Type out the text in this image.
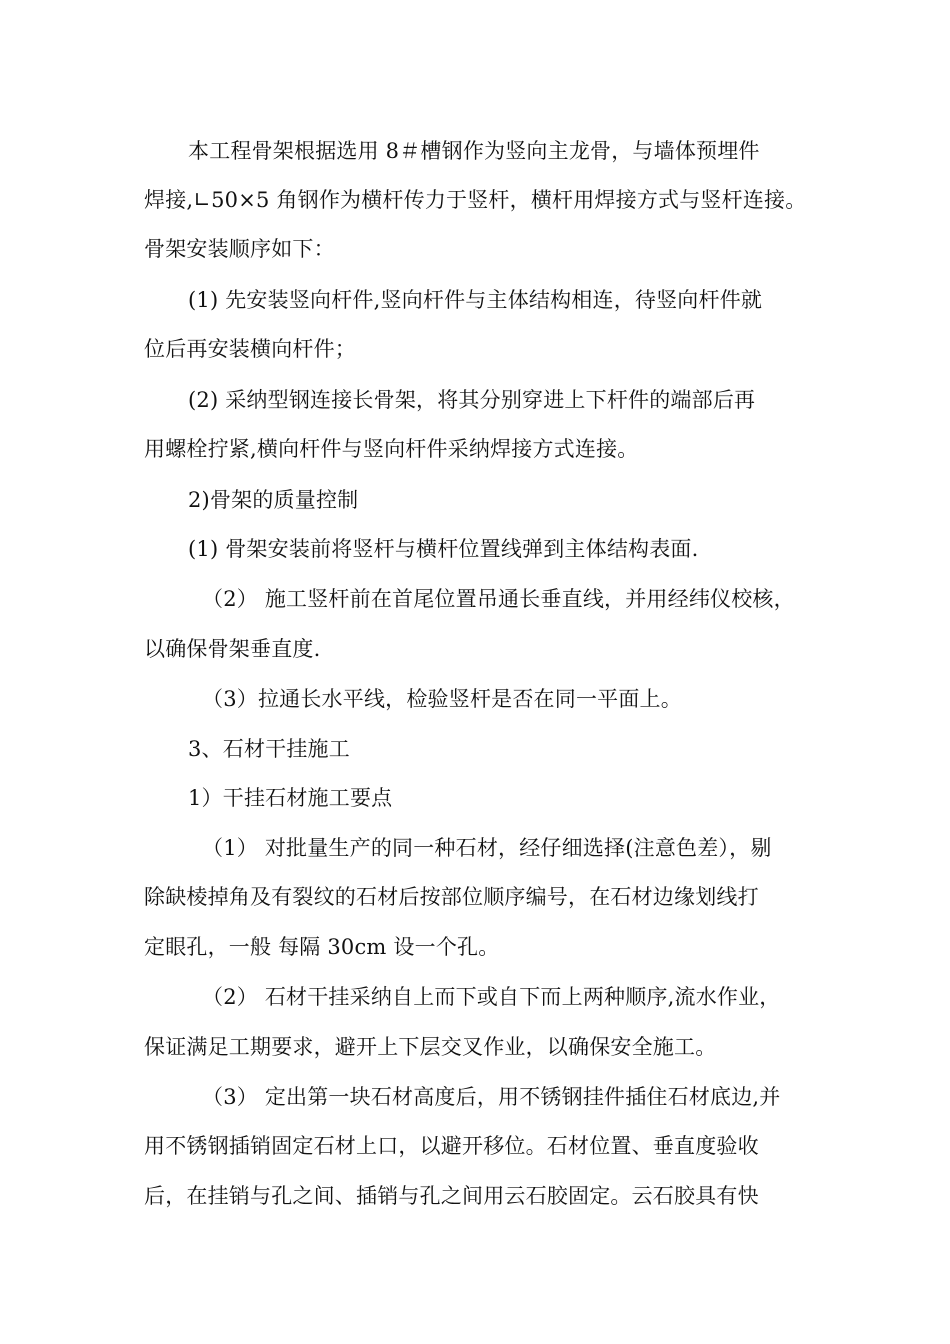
本工程骨架根据选用 8＃槽钢作为竖向主龙骨，与墙体预埋件
焊接,∟50×5 角钢作为横杆传力于竖杆，横杆用焊接方式与竖杆连接。
骨架安装顺序如下：
(1) 先安装竖向杆件,竖向杆件与主体结构相连，待竖向杆件就
位后再安装横向杆件；
(2) 采纳型钢连接长骨架，将其分别穿进上下杆件的端部后再
用螺栓拧紧,横向杆件与竖向杆件采纳焊接方式连接。
2)骨架的质量控制
(1) 骨架安装前将竖杆与横杆位置线弹到主体结构表面.
（2） 施工竖杆前在首尾位置吊通长垂直线，并用经纬仪校核，
以确保骨架垂直度.
（3）拉通长水平线，检验竖杆是否在同一平面上。
3、石材干挂施工
1）干挂石材施工要点
（1） 对批量生产的同一种石材，经仔细选择(注意色差），剔
除缺棱掉角及有裂纹的石材后按部位顺序编号，在石材边缘划线打
定眼孔，一般 每隔 30cm 设一个孔。
（2） 石材干挂采纳自上而下或自下而上两种顺序,流水作业，
保证满足工期要求，避开上下层交叉作业，以确保安全施工。
（3） 定出第一块石材高度后，用不锈钢挂件插住石材底边,并
用不锈钢插销固定石材上口，以避开移位。石材位置、垂直度验收
后，在挂销与孔之间、插销与孔之间用云石胶固定。云石胶具有快
